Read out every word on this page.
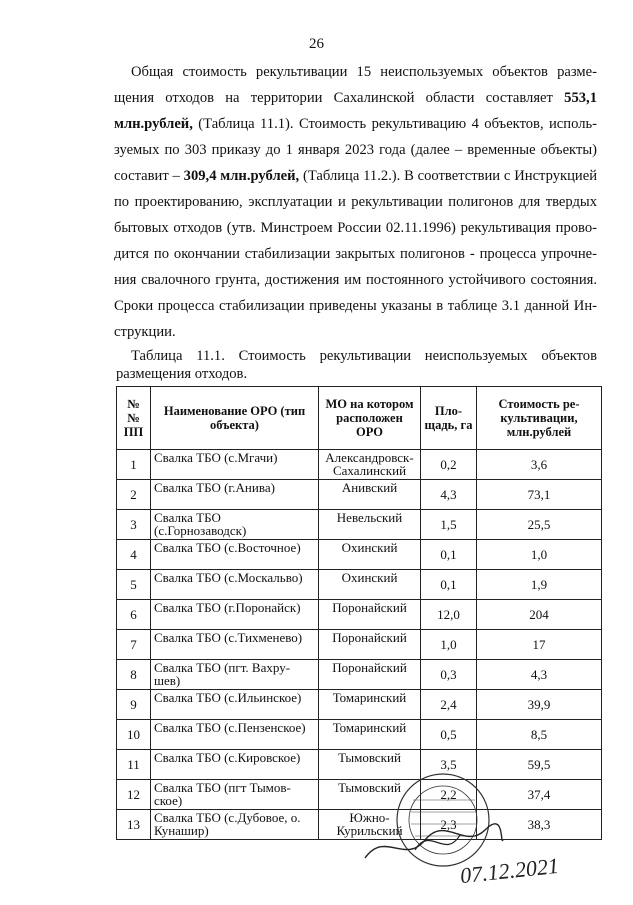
26
Общая стоимость рекультивации 15 неиспользуемых объектов разме-
щения отходов на территории Сахалинской области составляет 553,1
млн.рублей, (Таблица 11.1). Стоимость рекультивацию 4 объектов, исполь-
зуемых по 303 приказу до 1 января 2023 года (далее – временные объекты)
составит – 309,4 млн.рублей, (Таблица 11.2.). В соответствии с Инструкцией
по проектированию, эксплуатации и рекультивации полигонов для твердых
бытовых отходов (утв. Минстроем России 02.11.1996) рекультивация прово-
дится по окончании стабилизации закрытых полигонов - процесса упрочне-
ния свалочного грунта, достижения им постоянного устойчивого состояния.
Сроки процесса стабилизации приведены указаны в таблице 3.1 данной Ин-
струкции.
Таблица 11.1. Стоимость рекультивации неиспользуемых объектов
размещения отходов.
№ № ПП	Наименование ОРО (тип объекта)	МО на котором расположен ОРО	Пло- щадь, га	Стоимость ре- культивации, млн.рублей
1	Свалка ТБО (с.Мгачи)	Александровск-Сахалинский	0,2	3,6
2	Свалка ТБО (г.Анива)	Анивский	4,3	73,1
3	Свалка ТБО (с.Горнозаводск)	Невельский	1,5	25,5
4	Свалка ТБО (с.Восточное)	Охинский	0,1	1,0
5	Свалка ТБО (с.Москальво)	Охинский	0,1	1,9
6	Свалка ТБО (г.Поронайск)	Поронайский	12,0	204
7	Свалка ТБО (с.Тихменево)	Поронайский	1,0	17
8	Свалка ТБО (пгт. Вахру-шев)	Поронайский	0,3	4,3
9	Свалка ТБО (с.Ильинское)	Томаринский	2,4	39,9
10	Свалка ТБО (с.Пензенское)	Томаринский	0,5	8,5
11	Свалка ТБО (с.Кировское)	Тымовский	3,5	59,5
12	Свалка ТБО (пгт Тымов-ское)	Тымовский	2,2	37,4
13	Свалка ТБО (с.Дубовое, о. Кунашир)	Южно-Курильский	2,3	38,3
07.12.2021
